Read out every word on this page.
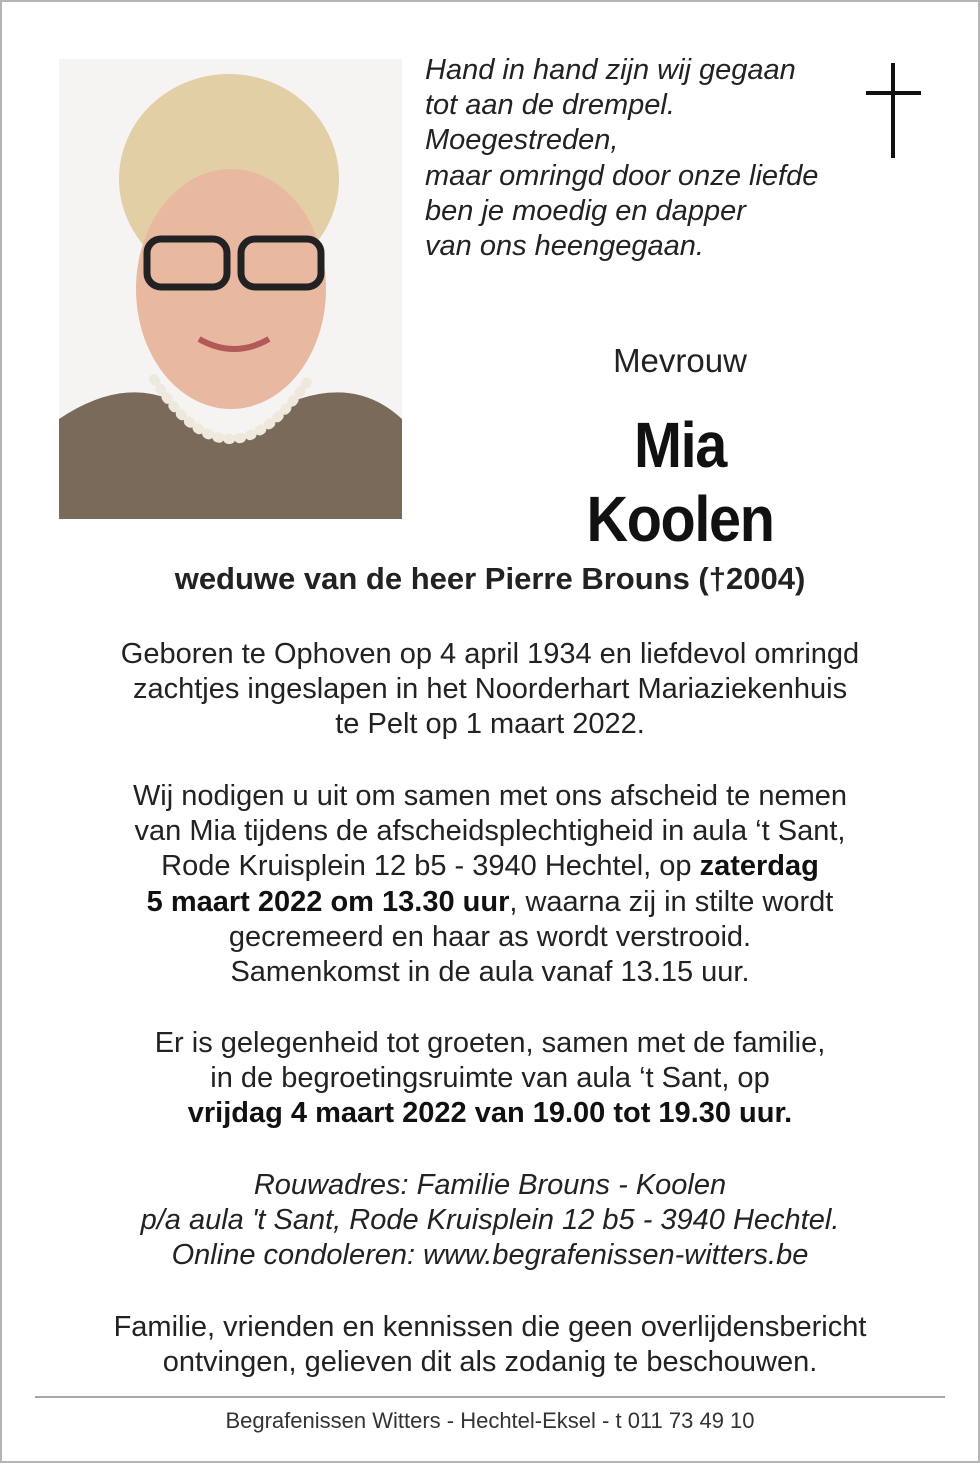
Hand in hand zijn wij gegaan
tot aan de drempel.
Moegestreden,
maar omringd door onze liefde
ben je moedig en dapper
van ons heengegaan.
Mevrouw
Mia Koolen
weduwe van de heer Pierre Brouns (†2004)
Geboren te Ophoven op 4 april 1934 en liefdevol omringd
zachtjes ingeslapen in het Noorderhart Mariaziekenhuis
te Pelt op 1 maart 2022.
Wij nodigen u uit om samen met ons afscheid te nemen
van Mia tijdens de afscheidsplechtigheid in aula ‘t Sant,
Rode Kruisplein 12 b5 - 3940 Hechtel, op zaterdag
5 maart 2022 om 13.30 uur, waarna zij in stilte wordt
gecremeerd en haar as wordt verstrooid.
Samenkomst in de aula vanaf 13.15 uur.
Er is gelegenheid tot groeten, samen met de familie,
in de begroetingsruimte van aula ‘t Sant, op
vrijdag 4 maart 2022 van 19.00 tot 19.30 uur.
Rouwadres: Familie Brouns - Koolen
p/a aula 't Sant, Rode Kruisplein 12 b5 - 3940 Hechtel.
Online condoleren: www.begrafenissen-witters.be
Familie, vrienden en kennissen die geen overlijdensbericht
ontvingen, gelieven dit als zodanig te beschouwen.
Begrafenissen Witters - Hechtel-Eksel - t 011 73 49 10
